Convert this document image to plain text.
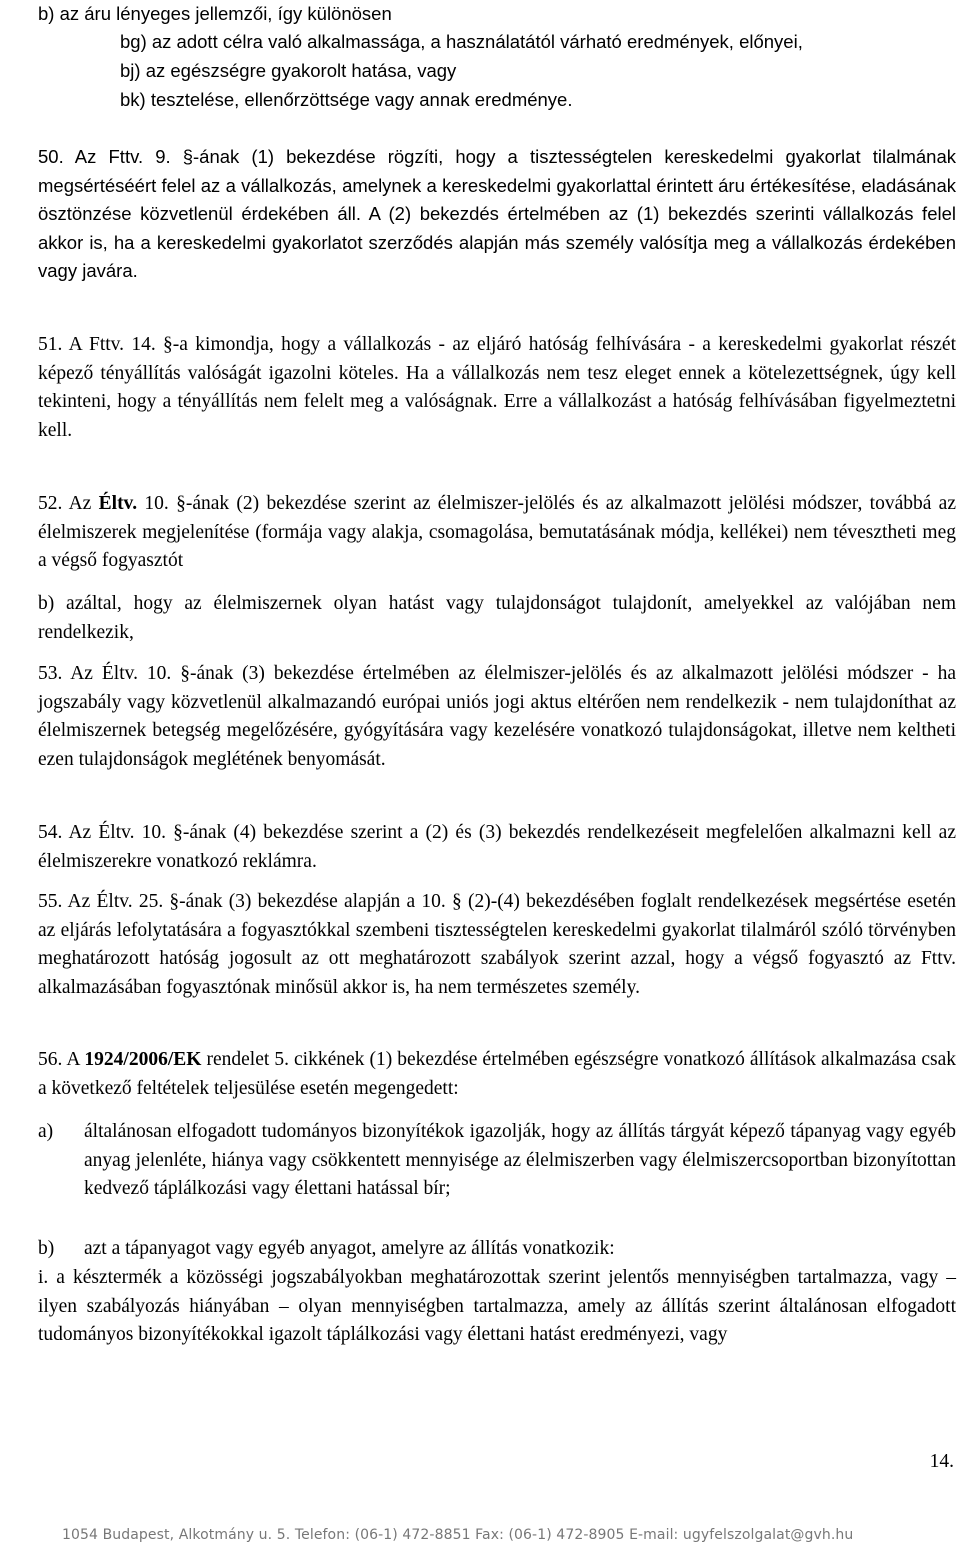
b) az áru lényeges jellemzői, így különösen
bg) az adott célra való alkalmassága, a használatától várható eredmények, előnyei,
bj) az egészségre gyakorolt hatása, vagy
bk) tesztelése, ellenőrzöttsége vagy annak eredménye.

50. Az Fttv. 9. §-ának (1) bekezdése rögzíti, hogy a tisztességtelen kereskedelmi gyakorlat tilalmának megsértéséért felel az a vállalkozás, amelynek a kereskedelmi gyakorlattal érintett áru értékesítése, eladásának ösztönzése közvetlenül érdekében áll. A (2) bekezdés értelmében az (1) bekezdés szerinti vállalkozás felel akkor is, ha a kereskedelmi gyakorlatot szerződés alapján más személy valósítja meg a vállalkozás érdekében vagy javára.

51. A Fttv. 14. §-a kimondja, hogy a vállalkozás - az eljáró hatóság felhívására - a kereskedelmi gyakorlat részét képező tényállítás valóságát igazolni köteles. Ha a vállalkozás nem tesz eleget ennek a kötelezettségnek, úgy kell tekinteni, hogy a tényállítás nem felelt meg a valóságnak. Erre a vállalkozást a hatóság felhívásában figyelmeztetni kell.

52. Az Éltv. 10. §-ának (2) bekezdése szerint az élelmiszer-jelölés és az alkalmazott jelölési módszer, továbbá az élelmiszerek megjelenítése (formája vagy alakja, csomagolása, bemutatásának módja, kellékei) nem tévesztheti meg a végső fogyasztót

b) azáltal, hogy az élelmiszernek olyan hatást vagy tulajdonságot tulajdonít, amelyekkel az valójában nem rendelkezik,

53. Az Éltv. 10. §-ának (3) bekezdése értelmében az élelmiszer-jelölés és az alkalmazott jelölési módszer - ha jogszabály vagy közvetlenül alkalmazandó európai uniós jogi aktus eltérően nem rendelkezik - nem tulajdoníthat az élelmiszernek betegség megelőzésére, gyógyítására vagy kezelésére vonatkozó tulajdonságokat, illetve nem keltheti ezen tulajdonságok meglétének benyomását.

54. Az Éltv. 10. §-ának (4) bekezdése szerint a (2) és (3) bekezdés rendelkezéseit megfelelően alkalmazni kell az élelmiszerekre vonatkozó reklámra.

55. Az Éltv. 25. §-ának (3) bekezdése alapján a 10. § (2)-(4) bekezdésében foglalt rendelkezések megsértése esetén az eljárás lefolytatására a fogyasztókkal szembeni tisztességtelen kereskedelmi gyakorlat tilalmáról szóló törvényben meghatározott hatóság jogosult az ott meghatározott szabályok szerint azzal, hogy a végső fogyasztó az Fttv. alkalmazásában fogyasztónak minősül akkor is, ha nem természetes személy.

56. A 1924/2006/EK rendelet 5. cikkének (1) bekezdése értelmében egészségre vonatkozó állítások alkalmazása csak a következő feltételek teljesülése esetén megengedett:

a) általánosan elfogadott tudományos bizonyítékok igazolják, hogy az állítás tárgyát képező tápanyag vagy egyéb anyag jelenléte, hiánya vagy csökkentett mennyisége az élelmiszerben vagy élelmiszercsoportban bizonyítottan kedvező táplálkozási vagy élettani hatással bír;
b) azt a tápanyagot vagy egyéb anyagot, amelyre az állítás vonatkozik:

i. a késztermék a közösségi jogszabályokban meghatározottak szerint jelentős mennyiségben tartalmazza, vagy – ilyen szabályozás hiányában – olyan mennyiségben tartalmazza, amely az állítás szerint általánosan elfogadott tudományos bizonyítékokkal igazolt táplálkozási vagy élettani hatást eredményezi, vagy

14.
1054 Budapest, Alkotmány u. 5. Telefon: (06-1) 472-8851 Fax: (06-1) 472-8905 E-mail: ugyfelszolgalat@gvh.hu
